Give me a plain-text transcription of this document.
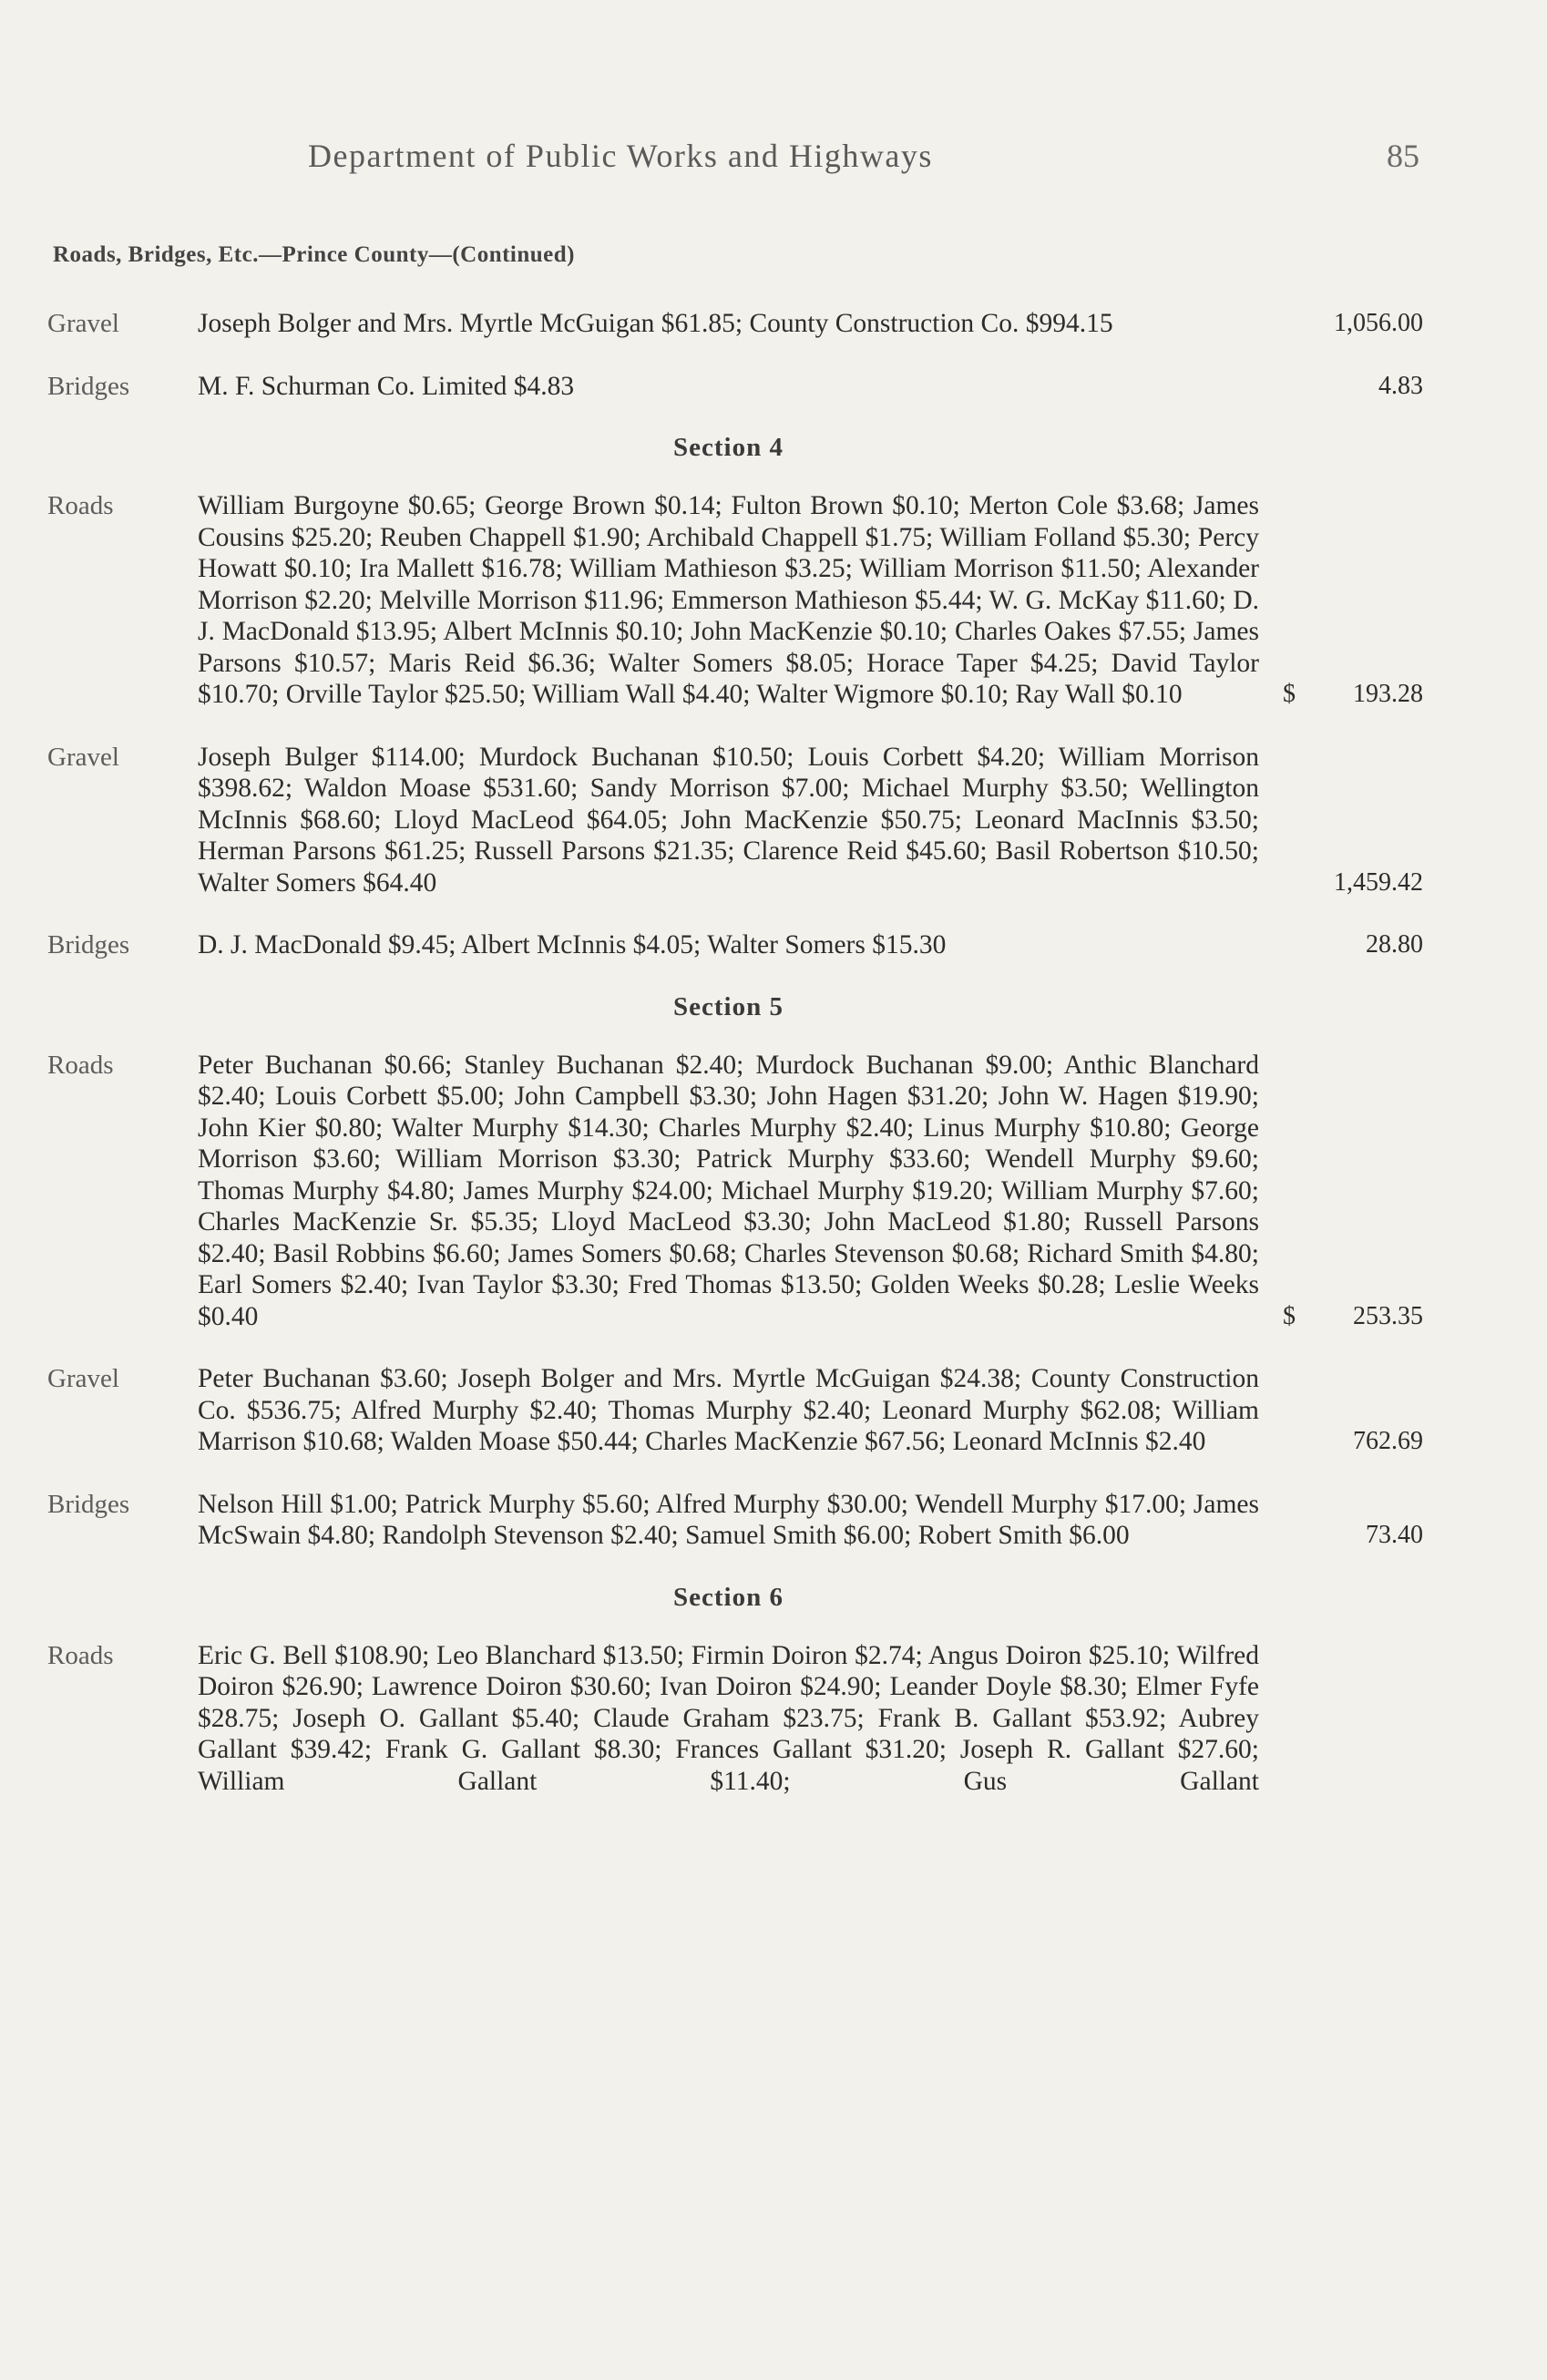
Department of Public Works and Highways	85
Roads, Bridges, Etc.—Prince County—(Continued)
Gravel	Joseph Bolger and Mrs. Myrtle McGuigan $61.85; County Construction Co. $994.15	1,056.00
Bridges	M. F. Schurman Co. Limited $4.83	4.83
Section 4
Roads	William Burgoyne $0.65; George Brown $0.14; Fulton Brown $0.10; Merton Cole $3.68; James Cousins $25.20; Reuben Chappell $1.90; Archibald Chappell $1.75; William Folland $5.30; Percy Howatt $0.10; Ira Mallett $16.78; William Mathieson $3.25; William Morrison $11.50; Alexander Morrison $2.20; Melville Morrison $11.96; Emmerson Mathieson $5.44; W. G. McKay $11.60; D. J. MacDonald $13.95; Albert McInnis $0.10; John MacKenzie $0.10; Charles Oakes $7.55; James Parsons $10.57; Maris Reid $6.36; Walter Somers $8.05; Horace Taper $4.25; David Taylor $10.70; Orville Taylor $25.50; William Wall $4.40; Walter Wigmore $0.10; Ray Wall $0.10	$	193.28
Gravel	Joseph Bulger $114.00; Murdock Buchanan $10.50; Louis Corbett $4.20; William Morrison $398.62; Waldon Moase $531.60; Sandy Morrison $7.00; Michael Murphy $3.50; Wellington McInnis $68.60; Lloyd MacLeod $64.05; John MacKenzie $50.75; Leonard MacInnis $3.50; Herman Parsons $61.25; Russell Parsons $21.35; Clarence Reid $45.60; Basil Robertson $10.50; Walter Somers $64.40	1,459.42
Bridges	D. J. MacDonald $9.45; Albert McInnis $4.05; Walter Somers $15.30	28.80
Section 5
Roads	Peter Buchanan $0.66; Stanley Buchanan $2.40; Murdock Buchanan $9.00; Anthic Blanchard $2.40; Louis Corbett $5.00; John Campbell $3.30; John Hagen $31.20; John W. Hagen $19.90; John Kier $0.80; Walter Murphy $14.30; Charles Murphy $2.40; Linus Murphy $10.80; George Morrison $3.60; William Morrison $3.30; Patrick Murphy $33.60; Wendell Murphy $9.60; Thomas Murphy $4.80; James Murphy $24.00; Michael Murphy $19.20; William Murphy $7.60; Charles MacKenzie Sr. $5.35; Lloyd MacLeod $3.30; John MacLeod $1.80; Russell Parsons $2.40; Basil Robbins $6.60; James Somers $0.68; Charles Stevenson $0.68; Richard Smith $4.80; Earl Somers $2.40; Ivan Taylor $3.30; Fred Thomas $13.50; Golden Weeks $0.28; Leslie Weeks $0.40	$	253.35
Gravel	Peter Buchanan $3.60; Joseph Bolger and Mrs. Myrtle McGuigan $24.38; County Construction Co. $536.75; Alfred Murphy $2.40; Thomas Murphy $2.40; Leonard Murphy $62.08; William Marrison $10.68; Walden Moase $50.44; Charles MacKenzie $67.56; Leonard McInnis $2.40	762.69
Bridges	Nelson Hill $1.00; Patrick Murphy $5.60; Alfred Murphy $30.00; Wendell Murphy $17.00; James McSwain $4.80; Randolph Stevenson $2.40; Samuel Smith $6.00; Robert Smith $6.00	73.40
Section 6
Roads	Eric G. Bell $108.90; Leo Blanchard $13.50; Firmin Doiron $2.74; Angus Doiron $25.10; Wilfred Doiron $26.90; Lawrence Doiron $30.60; Ivan Doiron $24.90; Leander Doyle $8.30; Elmer Fyfe $28.75; Joseph O. Gallant $5.40; Claude Graham $23.75; Frank B. Gallant $53.92; Aubrey Gallant $39.42; Frank G. Gallant $8.30; Frances Gallant $31.20; Joseph R. Gallant $27.60; William Gallant $11.40; Gus Gallant
